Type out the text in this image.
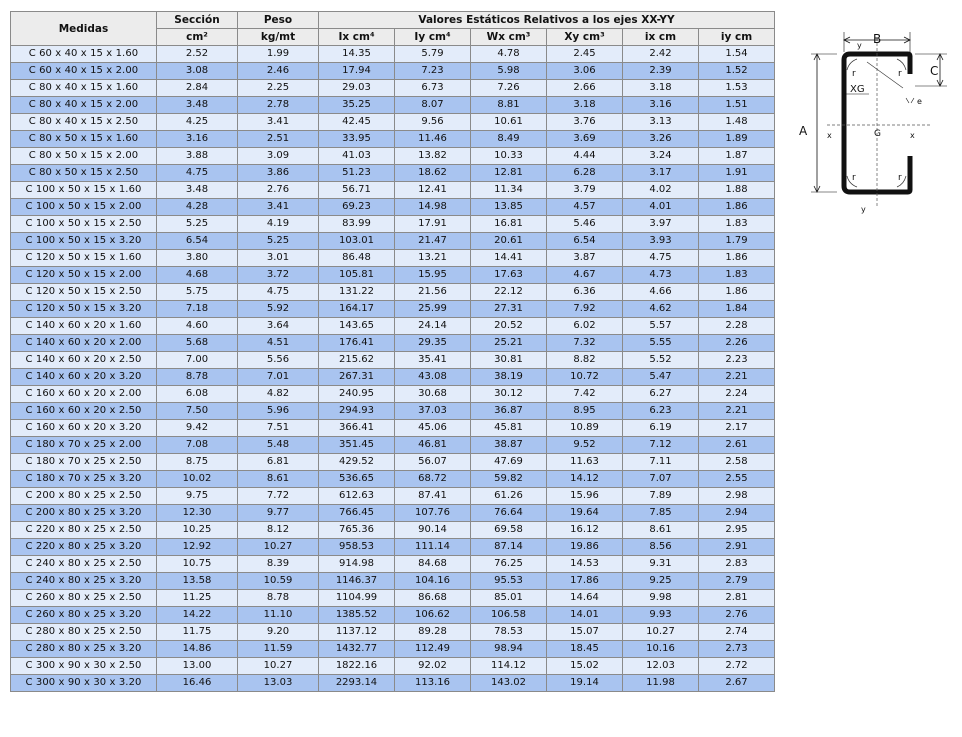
Medidas	Sección	Peso	Valores Estáticos Relativos a los ejes XX-YY					
	cm²	kg/mt	Ix cm⁴	Iy cm⁴	Wx cm³	Xy cm³	ix cm	iy cm
C 60 x 40 x 15 x 1.60	2.52	1.99	14.35	5.79	4.78	2.45	2.42	1.54
C 60 x 40 x 15 x 2.00	3.08	2.46	17.94	7.23	5.98	3.06	2.39	1.52
C 80 x 40 x 15 x 1.60	2.84	2.25	29.03	6.73	7.26	2.66	3.18	1.53
C 80 x 40 x 15 x 2.00	3.48	2.78	35.25	8.07	8.81	3.18	3.16	1.51
C 80 x 40 x 15 x 2.50	4.25	3.41	42.45	9.56	10.61	3.76	3.13	1.48
C 80 x 50 x 15 x 1.60	3.16	2.51	33.95	11.46	8.49	3.69	3.26	1.89
C 80 x 50 x 15 x 2.00	3.88	3.09	41.03	13.82	10.33	4.44	3.24	1.87
C 80 x 50 x 15 x 2.50	4.75	3.86	51.23	18.62	12.81	6.28	3.17	1.91
C 100 x 50 x 15 x 1.60	3.48	2.76	56.71	12.41	11.34	3.79	4.02	1.88
C 100 x 50 x 15 x 2.00	4.28	3.41	69.23	14.98	13.85	4.57	4.01	1.86
C 100 x 50 x 15 x 2.50	5.25	4.19	83.99	17.91	16.81	5.46	3.97	1.83
C 100 x 50 x 15 x 3.20	6.54	5.25	103.01	21.47	20.61	6.54	3.93	1.79
C 120 x 50 x 15 x 1.60	3.80	3.01	86.48	13.21	14.41	3.87	4.75	1.86
C 120 x 50 x 15 x 2.00	4.68	3.72	105.81	15.95	17.63	4.67	4.73	1.83
C 120 x 50 x 15 x 2.50	5.75	4.75	131.22	21.56	22.12	6.36	4.66	1.86
C 120 x 50 x 15 x 3.20	7.18	5.92	164.17	25.99	27.31	7.92	4.62	1.84
C 140 x 60 x 20 x 1.60	4.60	3.64	143.65	24.14	20.52	6.02	5.57	2.28
C 140 x 60 x 20 x 2.00	5.68	4.51	176.41	29.35	25.21	7.32	5.55	2.26
C 140 x 60 x 20 x 2.50	7.00	5.56	215.62	35.41	30.81	8.82	5.52	2.23
C 140 x 60 x 20 x 3.20	8.78	7.01	267.31	43.08	38.19	10.72	5.47	2.21
C 160 x 60 x 20 x 2.00	6.08	4.82	240.95	30.68	30.12	7.42	6.27	2.24
C 160 x 60 x 20 x 2.50	7.50	5.96	294.93	37.03	36.87	8.95	6.23	2.21
C 160 x 60 x 20 x 3.20	9.42	7.51	366.41	45.06	45.81	10.89	6.19	2.17
C 180 x 70 x 25 x 2.00	7.08	5.48	351.45	46.81	38.87	9.52	7.12	2.61
C 180 x 70 x 25 x 2.50	8.75	6.81	429.52	56.07	47.69	11.63	7.11	2.58
C 180 x 70 x 25 x 3.20	10.02	8.61	536.65	68.72	59.82	14.12	7.07	2.55
C 200 x 80 x 25 x 2.50	9.75	7.72	612.63	87.41	61.26	15.96	7.89	2.98
C 200 x 80 x 25 x 3.20	12.30	9.77	766.45	107.76	76.64	19.64	7.85	2.94
C 220 x 80 x 25 x 2.50	10.25	8.12	765.36	90.14	69.58	16.12	8.61	2.95
C 220 x 80 x 25 x 3.20	12.92	10.27	958.53	111.14	87.14	19.86	8.56	2.91
C 240 x 80 x 25 x 2.50	10.75	8.39	914.98	84.68	76.25	14.53	9.31	2.83
C 240 x 80 x 25 x 3.20	13.58	10.59	1146.37	104.16	95.53	17.86	9.25	2.79
C 260 x 80 x 25 x 2.50	11.25	8.78	1104.99	86.68	85.01	14.64	9.98	2.81
C 260 x 80 x 25 x 3.20	14.22	11.10	1385.52	106.62	106.58	14.01	9.93	2.76
C 280 x 80 x 25 x 2.50	11.75	9.20	1137.12	89.28	78.53	15.07	10.27	2.74
C 280 x 80 x 25 x 3.20	14.86	11.59	1432.77	112.49	98.94	18.45	10.16	2.73
C 300 x 90 x 30 x 2.50	13.00	10.27	1822.16	92.02	114.12	15.02	12.03	2.72
C 300 x 90 x 30 x 3.20	16.46	13.03	2293.14	113.16	143.02	19.14	11.98	2.67
A
B
C
XG
y
y
x	x
G
r	r
r	r
e
